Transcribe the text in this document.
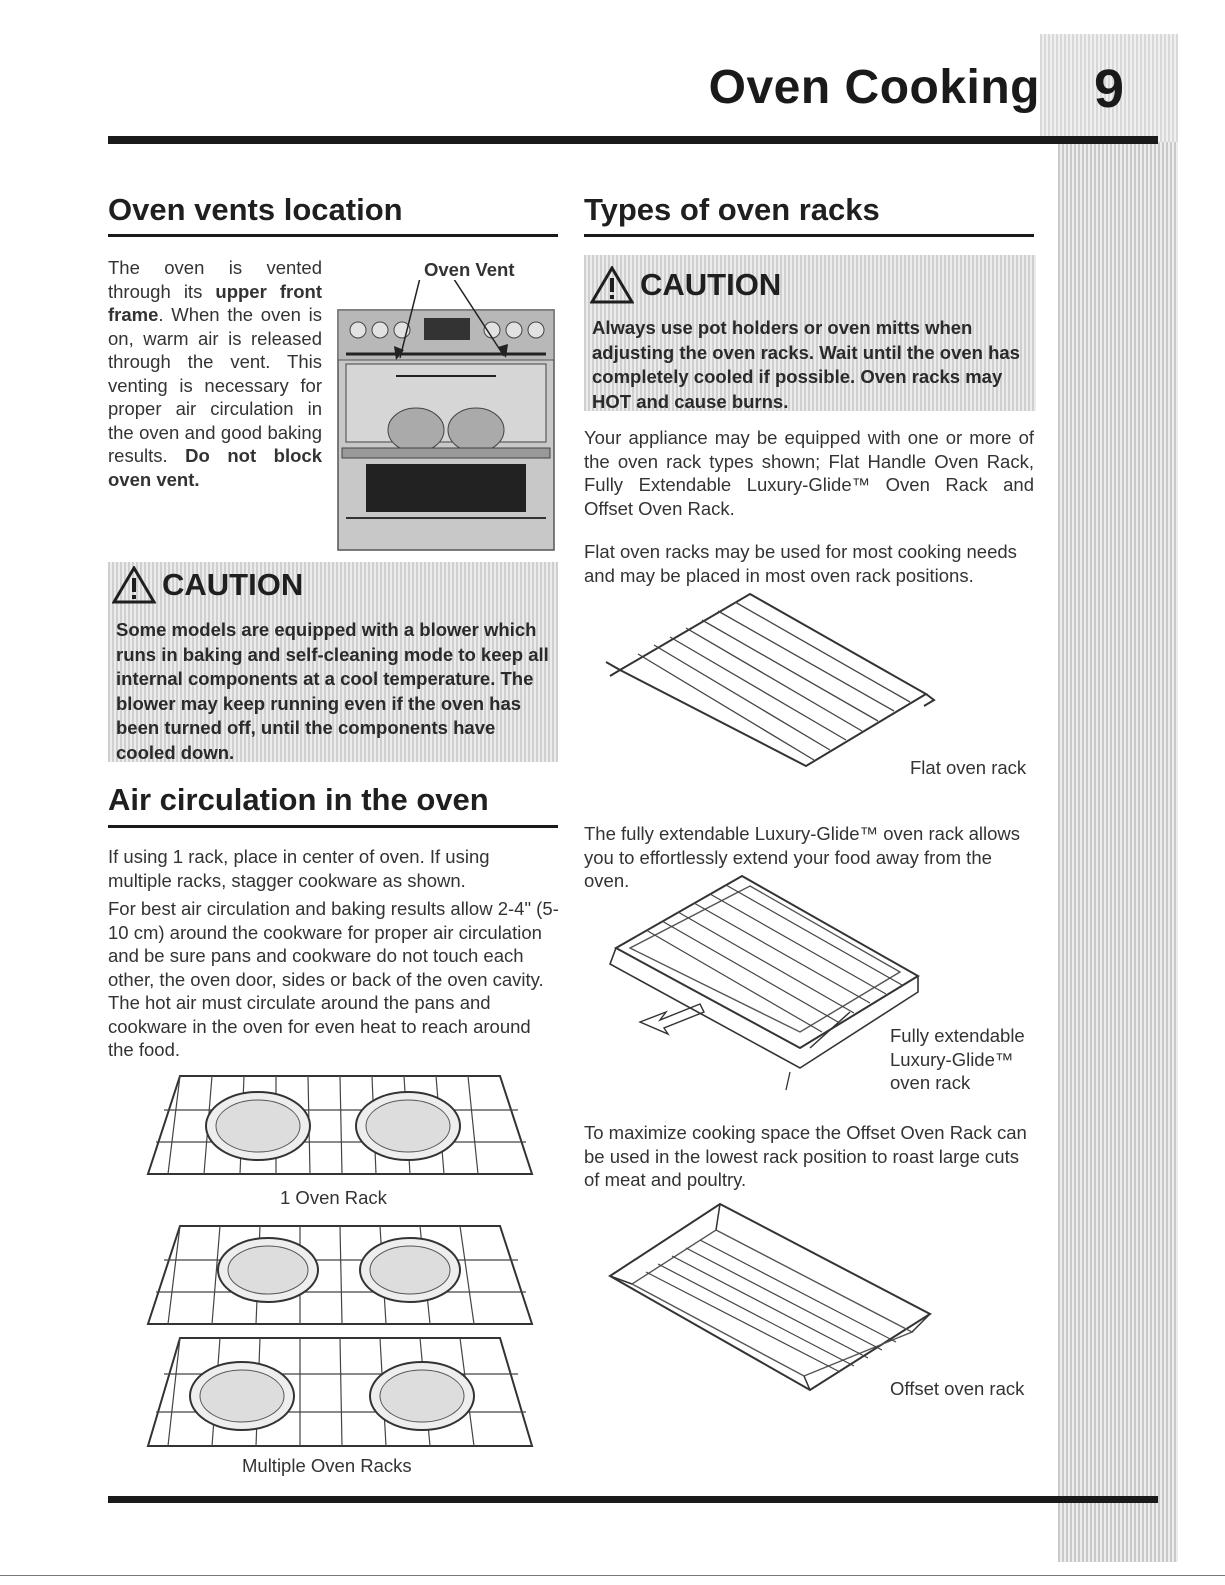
9
Oven Cooking
Oven vents location

The oven is vented through its upper front frame. When the oven is on, warm air is released through the vent. This venting is necessary for proper air circulation in the oven and good baking results. Do not block oven vent.

Oven Vent
CAUTION

Some models are equipped with a blower which runs in baking and self-cleaning mode to keep all internal components at a cool temperature. The blower may keep running even if the oven has been turned off, until the components have cooled down.

Air circulation in the oven

If using 1 rack, place in center of oven. If using multiple racks, stagger cookware as shown.

For best air circulation and baking results allow 2-4" (5-10 cm) around the cookware for proper air circulation and be sure pans and cookware do not touch each other, the oven door, sides or back of the oven cavity. The hot air must circulate around the pans and cookware in the oven for even heat to reach around the food.

1 Oven Rack
Multiple Oven Racks
Types of oven racks
CAUTION

Always use pot holders or oven mitts when adjusting the oven racks. Wait until the oven has completely cooled if possible. Oven racks may HOT and cause burns.

Your appliance may be equipped with one or more of the oven rack types shown; Flat Handle Oven Rack, Fully Extendable Luxury-Glide™ Oven Rack and Offset Oven Rack.

Flat oven racks may be used for most cooking needs and may be placed in most oven rack positions.

Flat oven rack

The fully extendable Luxury-Glide™ oven rack allows you to effortlessly extend your food away from the oven.

Fully extendable
Luxury-Glide™
oven rack

To maximize cooking space the Offset Oven Rack can be used in the lowest rack position to roast large cuts of meat and poultry.

Offset oven rack
